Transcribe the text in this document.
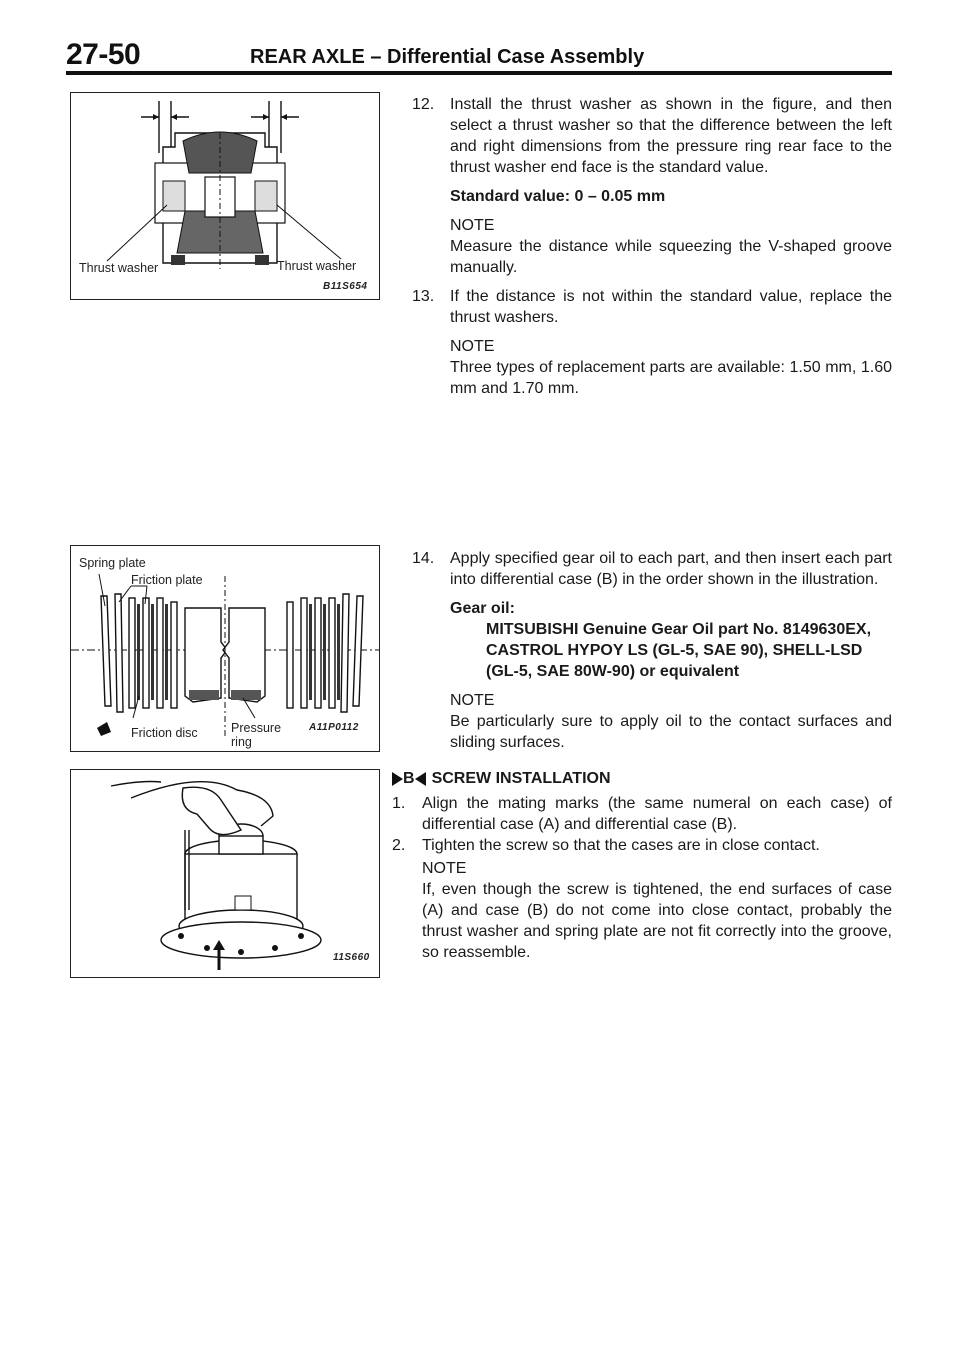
27-50	REAR AXLE – Differential Case Assembly
Thrust washer	Thrust washer
B11S654
12. Install the thrust washer as shown in the figure, and then select a thrust washer so that the difference between the left and right dimensions from the pressure ring rear face to the thrust washer end face is the standard value.

Standard value: 0 – 0.05 mm

NOTE

Measure the distance while squeezing the V-shaped groove manually.

13. If the distance is not within the standard value, replace the thrust washers.

NOTE

Three types of replacement parts are available: 1.50 mm, 1.60 mm and 1.70 mm.

Spring plate
Friction plate
Friction disc	Pressure
ring
A11P0112
14. Apply specified gear oil to each part, and then insert each part into differential case (B) in the order shown in the illustration.

Gear oil:

MITSUBISHI Genuine Gear Oil part No. 8149630EX, CASTROL HYPOY LS (GL-5, SAE 90), SHELL-LSD (GL-5, SAE 80W-90) or equivalent

NOTE

Be particularly sure to apply oil to the contact surfaces and sliding surfaces.

11S660
B SCREW INSTALLATION
1.	Align the mating marks (the same numeral on each case) of differential case (A) and differential case (B).
2.	Tighten the screw so that the cases are in close contact.

NOTE

If, even though the screw is tightened, the end surfaces of case (A) and case (B) do not come into close contact, probably the thrust washer and spring plate are not fit correctly into the groove, so reassemble.
